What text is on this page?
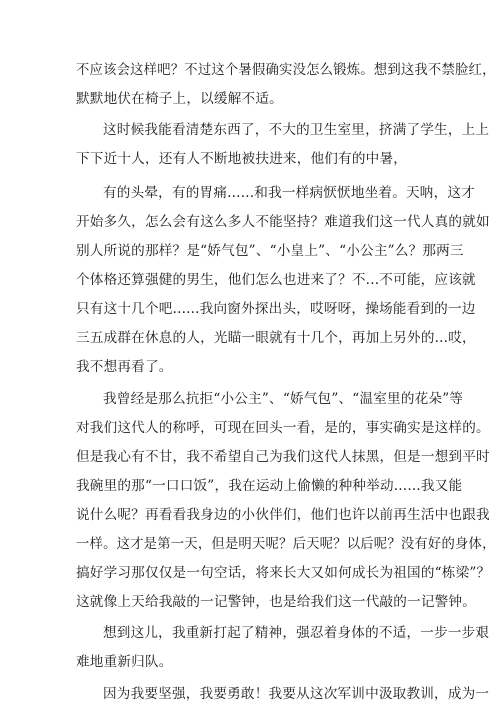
不应该会这样吧？不过这个暑假确实没怎么锻炼。想到这我不禁脸红，
默默地伏在椅子上，以缓解不适。
这时候我能看清楚东西了，不大的卫生室里，挤满了学生，上上
下下近十人，还有人不断地被扶进来，他们有的中暑，
有的头晕，有的胃痛......和我一样病恹恹地坐着。天呐，这才
开始多久，怎么会有这么多人不能坚持？难道我们这一代人真的就如
别人所说的那样？是“娇气包”、“小皇上”、“小公主”么？那两三
个体格还算强健的男生，他们怎么也进来了？不...不可能，应该就
只有这十几个吧......我向窗外探出头，哎呀呀，操场能看到的一边
三五成群在休息的人，光瞄一眼就有十几个，再加上另外的...哎，
我不想再看了。
我曾经是那么抗拒“小公主”、“娇气包”、“温室里的花朵”等
对我们这代人的称呼，可现在回头一看，是的，事实确实是这样的。
但是我心有不甘，我不希望自己为我们这代人抹黑，但是一想到平时
我碗里的那“一口口饭”，我在运动上偷懒的种种举动......我又能
说什么呢？再看看我身边的小伙伴们，他们也许以前再生活中也跟我
一样。这才是第一天，但是明天呢？后天呢？以后呢？没有好的身体，
搞好学习那仅仅是一句空话，将来长大又如何成长为祖国的“栋梁”？
这就像上天给我敲的一记警钟，也是给我们这一代敲的一记警钟。
想到这儿，我重新打起了精神，强忍着身体的不适，一步一步艰
难地重新归队。
因为我要坚强，我要勇敢！我要从这次军训中汲取教训，成为一
